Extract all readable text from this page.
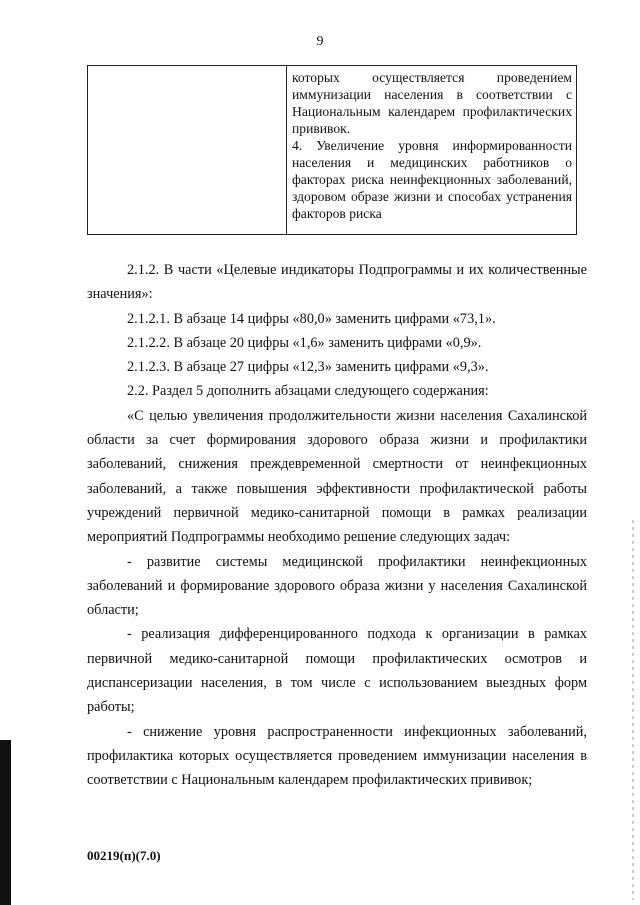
9

которых осуществляется проведением иммунизации населения в соответствии с Национальным календарем профилактических прививок.

4. Увеличение уровня информированности населения и медицинских работников о факторах риска неинфекционных заболеваний, здоровом образе жизни и способах устранения факторов риска

2.1.2. В части «Целевые индикаторы Подпрограммы и их количественные значения»:

2.1.2.1. В абзаце 14 цифры «80,0» заменить цифрами «73,1».

2.1.2.2. В абзаце 20 цифры «1,6» заменить цифрами «0,9».

2.1.2.3. В абзаце 27 цифры «12,3» заменить цифрами «9,3».

2.2. Раздел 5 дополнить абзацами следующего содержания:

«С целью увеличения продолжительности жизни населения Сахалинской области за счет формирования здорового образа жизни и профилактики заболеваний, снижения преждевременной смертности от неинфекционных заболеваний, а также повышения эффективности профилактической работы учреждений первичной медико-санитарной помощи в рамках реализации мероприятий Подпрограммы необходимо решение следующих задач:

- развитие системы медицинской профилактики неинфекционных заболеваний и формирование здорового образа жизни у населения Сахалинской области;

- реализация дифференцированного подхода к организации в рамках первичной медико-санитарной помощи профилактических осмотров и диспансеризации населения, в том числе с использованием выездных форм работы;

- снижение уровня распространенности инфекционных заболеваний, профилактика которых осуществляется проведением иммунизации населения в соответствии с Национальным календарем профилактических прививок;

00219(п)(7.0)
